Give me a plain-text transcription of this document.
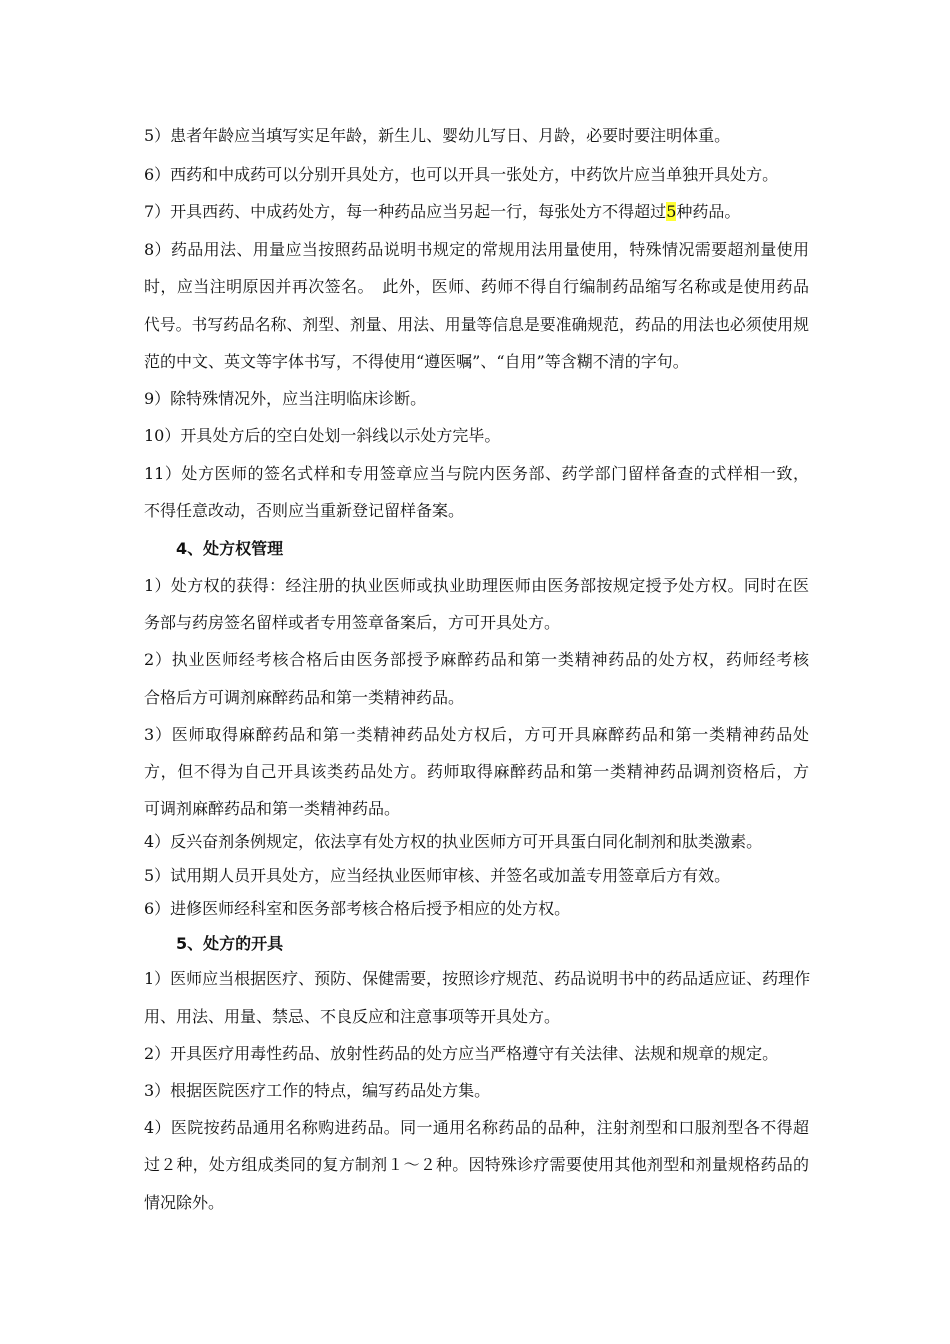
5）患者年龄应当填写实足年龄，新生儿、婴幼儿写日、月龄，必要时要注明体重。
6）西药和中成药可以分别开具处方，也可以开具一张处方，中药饮片应当单独开具处方。
7）开具西药、中成药处方，每一种药品应当另起一行，每张处方不得超过5种药品。
8）药品用法、用量应当按照药品说明书规定的常规用法用量使用，特殊情况需要超剂量使用
时，应当注明原因并再次签名。　此外，医师、药师不得自行编制药品缩写名称或是使用药品
代号。书写药品名称、剂型、剂量、用法、用量等信息是要准确规范，药品的用法也必须使用规
范的中文、英文等字体书写，不得使用“遵医嘱”、“自用”等含糊不清的字句。
9）除特殊情况外，应当注明临床诊断。
10）开具处方后的空白处划一斜线以示处方完毕。
11）处方医师的签名式样和专用签章应当与院内医务部、药学部门留样备查的式样相一致，
不得任意改动，否则应当重新登记留样备案。
4、处方权管理
1）处方权的获得：经注册的执业医师或执业助理医师由医务部按规定授予处方权。同时在医
务部与药房签名留样或者专用签章备案后，方可开具处方。
2）执业医师经考核合格后由医务部授予麻醉药品和第一类精神药品的处方权，药师经考核
合格后方可调剂麻醉药品和第一类精神药品。
3）医师取得麻醉药品和第一类精神药品处方权后，方可开具麻醉药品和第一类精神药品处
方，但不得为自己开具该类药品处方。药师取得麻醉药品和第一类精神药品调剂资格后，方
可调剂麻醉药品和第一类精神药品。
4）反兴奋剂条例规定，依法享有处方权的执业医师方可开具蛋白同化制剂和肽类激素。
5）试用期人员开具处方，应当经执业医师审核、并签名或加盖专用签章后方有效。
6）进修医师经科室和医务部考核合格后授予相应的处方权。
5、处方的开具
1）医师应当根据医疗、预防、保健需要，按照诊疗规范、药品说明书中的药品适应证、药理作
用、用法、用量、禁忌、不良反应和注意事项等开具处方。
2）开具医疗用毒性药品、放射性药品的处方应当严格遵守有关法律、法规和规章的规定。
3）根据医院医疗工作的特点，编写药品处方集。
4）医院按药品通用名称购进药品。同一通用名称药品的品种，注射剂型和口服剂型各不得超
过２种，处方组成类同的复方制剂１～２种。因特殊诊疗需要使用其他剂型和剂量规格药品的
情况除外。
